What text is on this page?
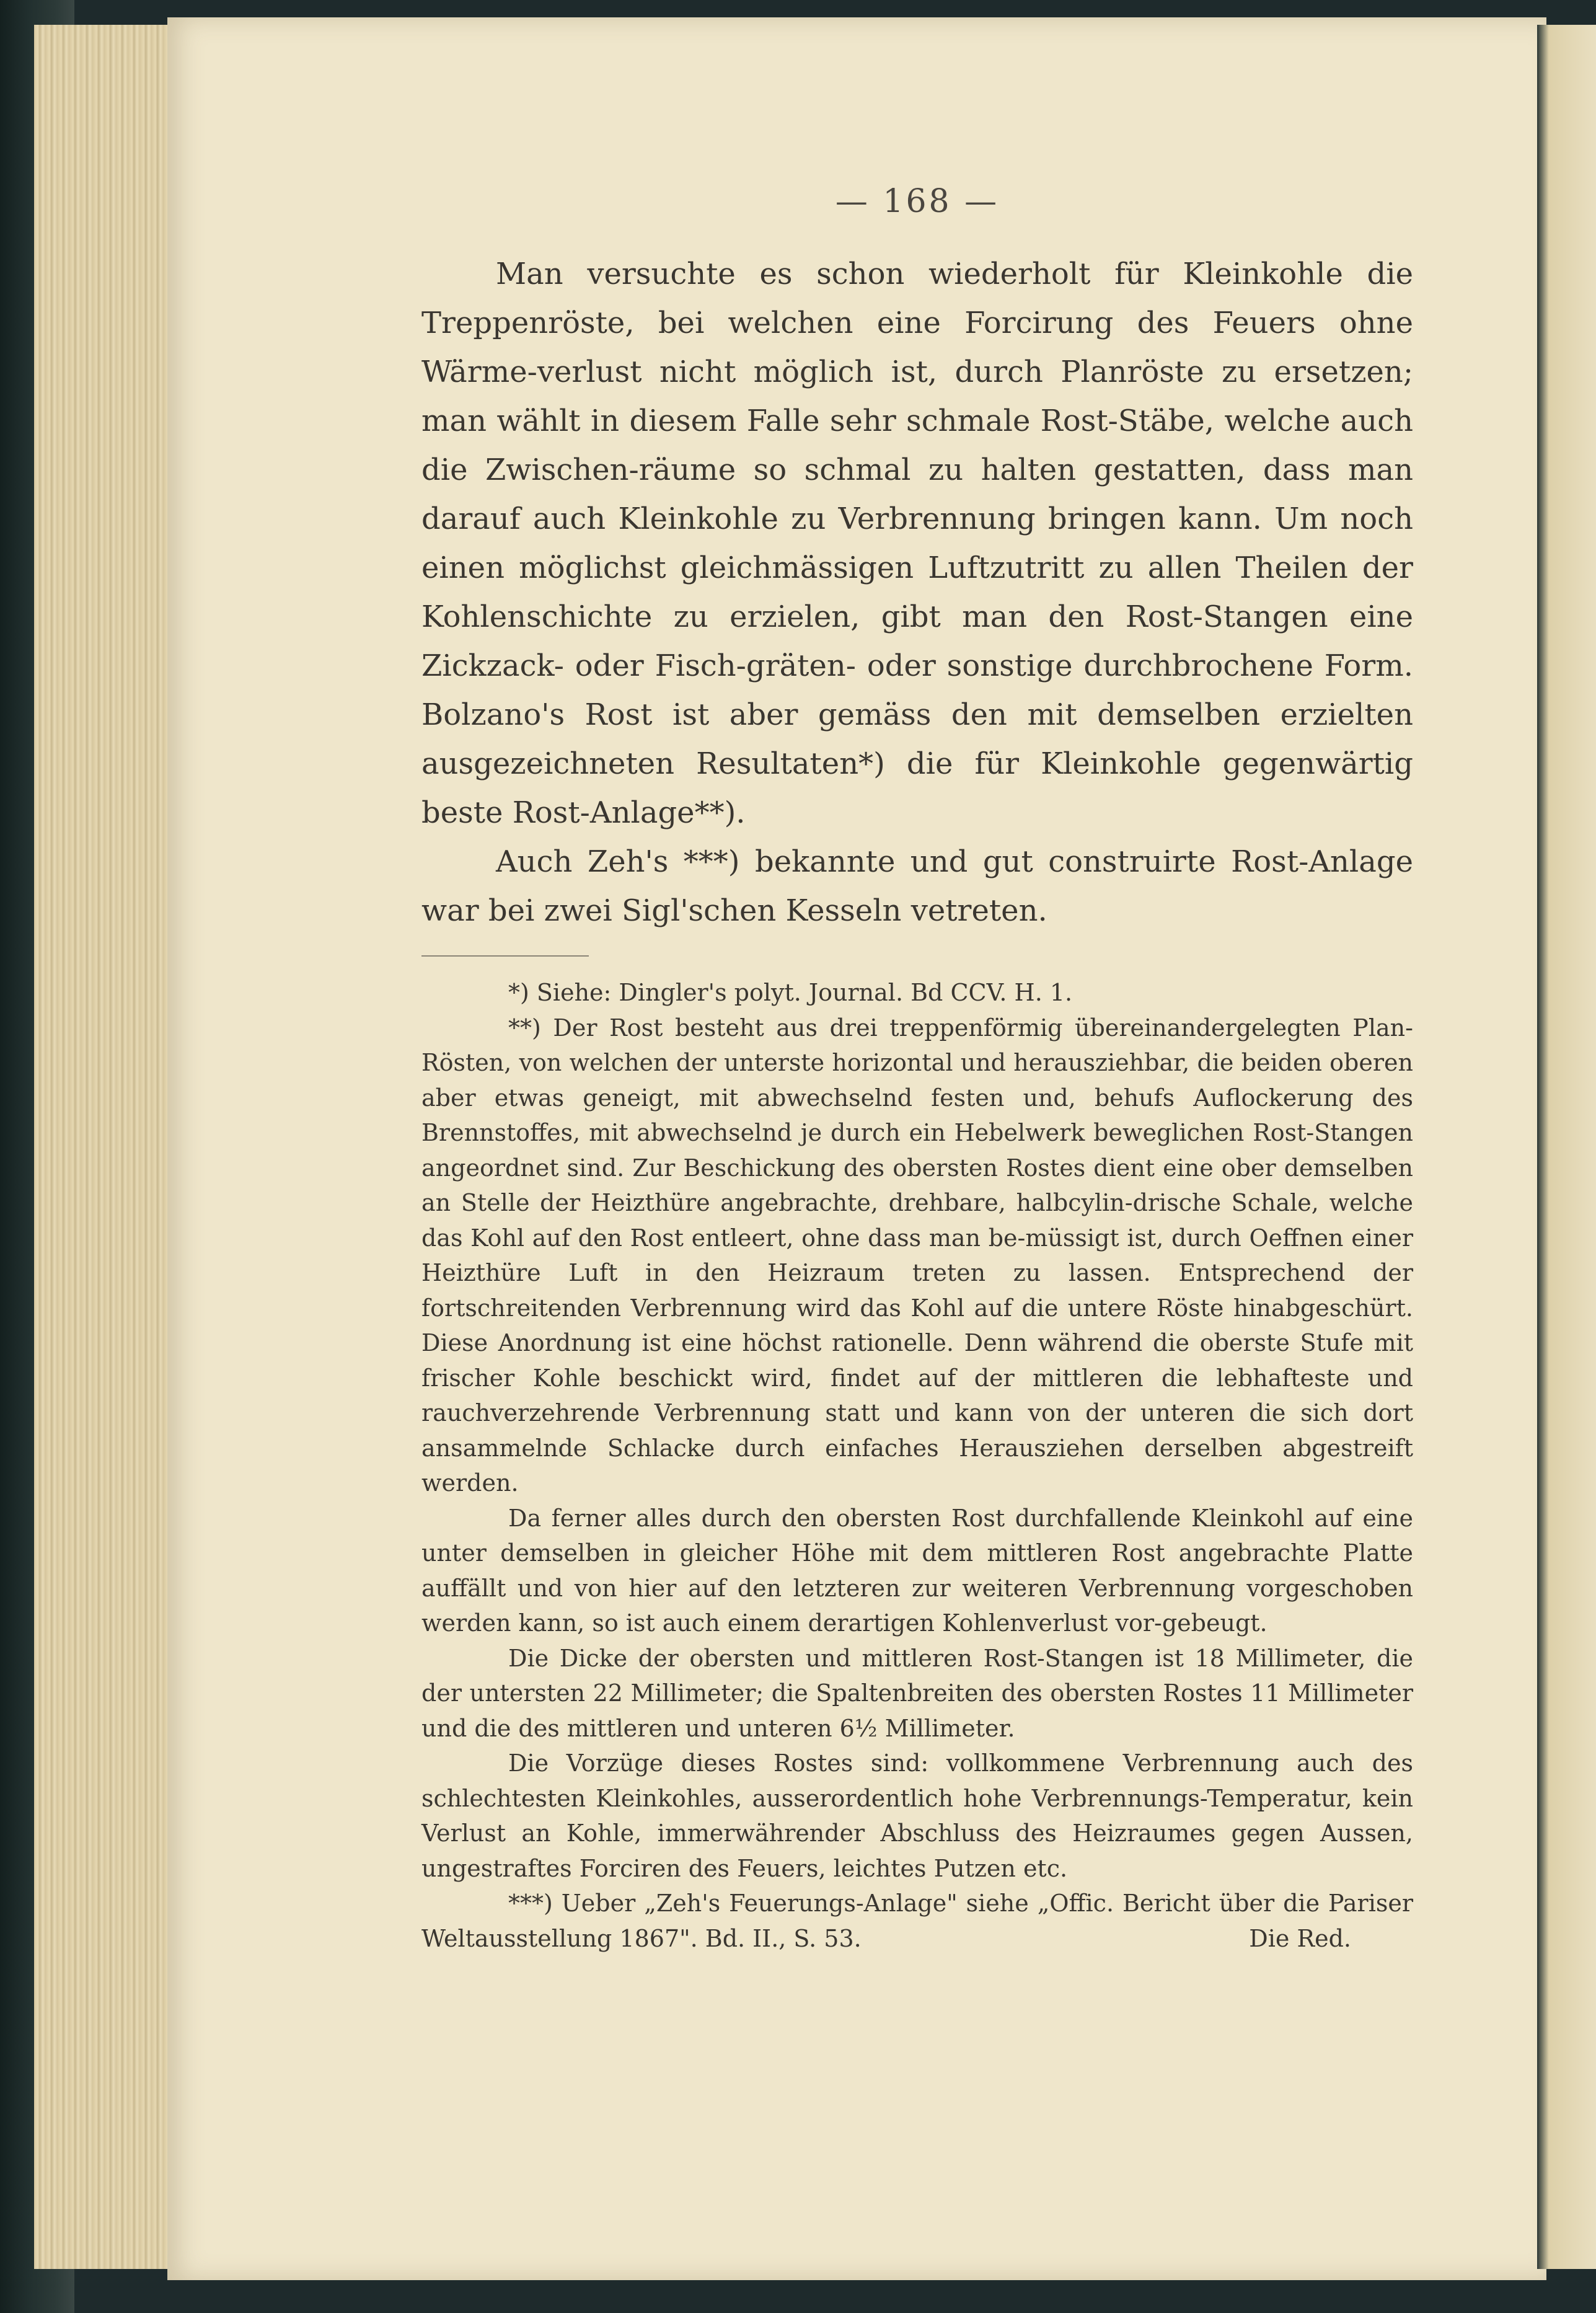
— 168 —

Man versuchte es schon wiederholt für Kleinkohle die Treppenröste, bei welchen eine Forcirung des Feuers ohne Wärme-verlust nicht möglich ist, durch Planröste zu ersetzen; man wählt in diesem Falle sehr schmale Rost-Stäbe, welche auch die Zwischen-räume so schmal zu halten gestatten, dass man darauf auch Kleinkohle zu Verbrennung bringen kann. Um noch einen möglichst gleichmässigen Luftzutritt zu allen Theilen der Kohlenschichte zu erzielen, gibt man den Rost-Stangen eine Zickzack- oder Fisch-gräten- oder sonstige durchbrochene Form. Bolzano's Rost ist aber gemäss den mit demselben erzielten ausgezeichneten Resultaten*) die für Kleinkohle gegenwärtig beste Rost-Anlage**).

Auch Zeh's ***) bekannte und gut construirte Rost-Anlage war bei zwei Sigl'schen Kesseln vetreten.

*) Siehe: Dingler's polyt. Journal. Bd CCV. H. 1.

**) Der Rost besteht aus drei treppenförmig übereinandergelegten Plan-Rösten, von welchen der unterste horizontal und herausziehbar, die beiden oberen aber etwas geneigt, mit abwechselnd festen und, behufs Auflockerung des Brennstoffes, mit abwechselnd je durch ein Hebelwerk beweglichen Rost-Stangen angeordnet sind. Zur Beschickung des obersten Rostes dient eine ober demselben an Stelle der Heizthüre angebrachte, drehbare, halbcylin-drische Schale, welche das Kohl auf den Rost entleert, ohne dass man be-müssigt ist, durch Oeffnen einer Heizthüre Luft in den Heizraum treten zu lassen. Entsprechend der fortschreitenden Verbrennung wird das Kohl auf die untere Röste hinabgeschürt. Diese Anordnung ist eine höchst rationelle. Denn während die oberste Stufe mit frischer Kohle beschickt wird, findet auf der mittleren die lebhafteste und rauchverzehrende Verbrennung statt und kann von der unteren die sich dort ansammelnde Schlacke durch einfaches Herausziehen derselben abgestreift werden.

Da ferner alles durch den obersten Rost durchfallende Kleinkohl auf eine unter demselben in gleicher Höhe mit dem mittleren Rost angebrachte Platte auffällt und von hier auf den letzteren zur weiteren Verbrennung vorgeschoben werden kann, so ist auch einem derartigen Kohlenverlust vor-gebeugt.

Die Dicke der obersten und mittleren Rost-Stangen ist 18 Millimeter, die der untersten 22 Millimeter; die Spaltenbreiten des obersten Rostes 11 Millimeter und die des mittleren und unteren 6½ Millimeter.

Die Vorzüge dieses Rostes sind: vollkommene Verbrennung auch des schlechtesten Kleinkohles, ausserordentlich hohe Verbrennungs-Temperatur, kein Verlust an Kohle, immerwährender Abschluss des Heizraumes gegen Aussen, ungestraftes Forciren des Feuers, leichtes Putzen etc.

***) Ueber „Zeh's Feuerungs-Anlage" siehe „Offic. Bericht über die Pariser Weltausstellung 1867". Bd. II., S. 53.	Die Red.
